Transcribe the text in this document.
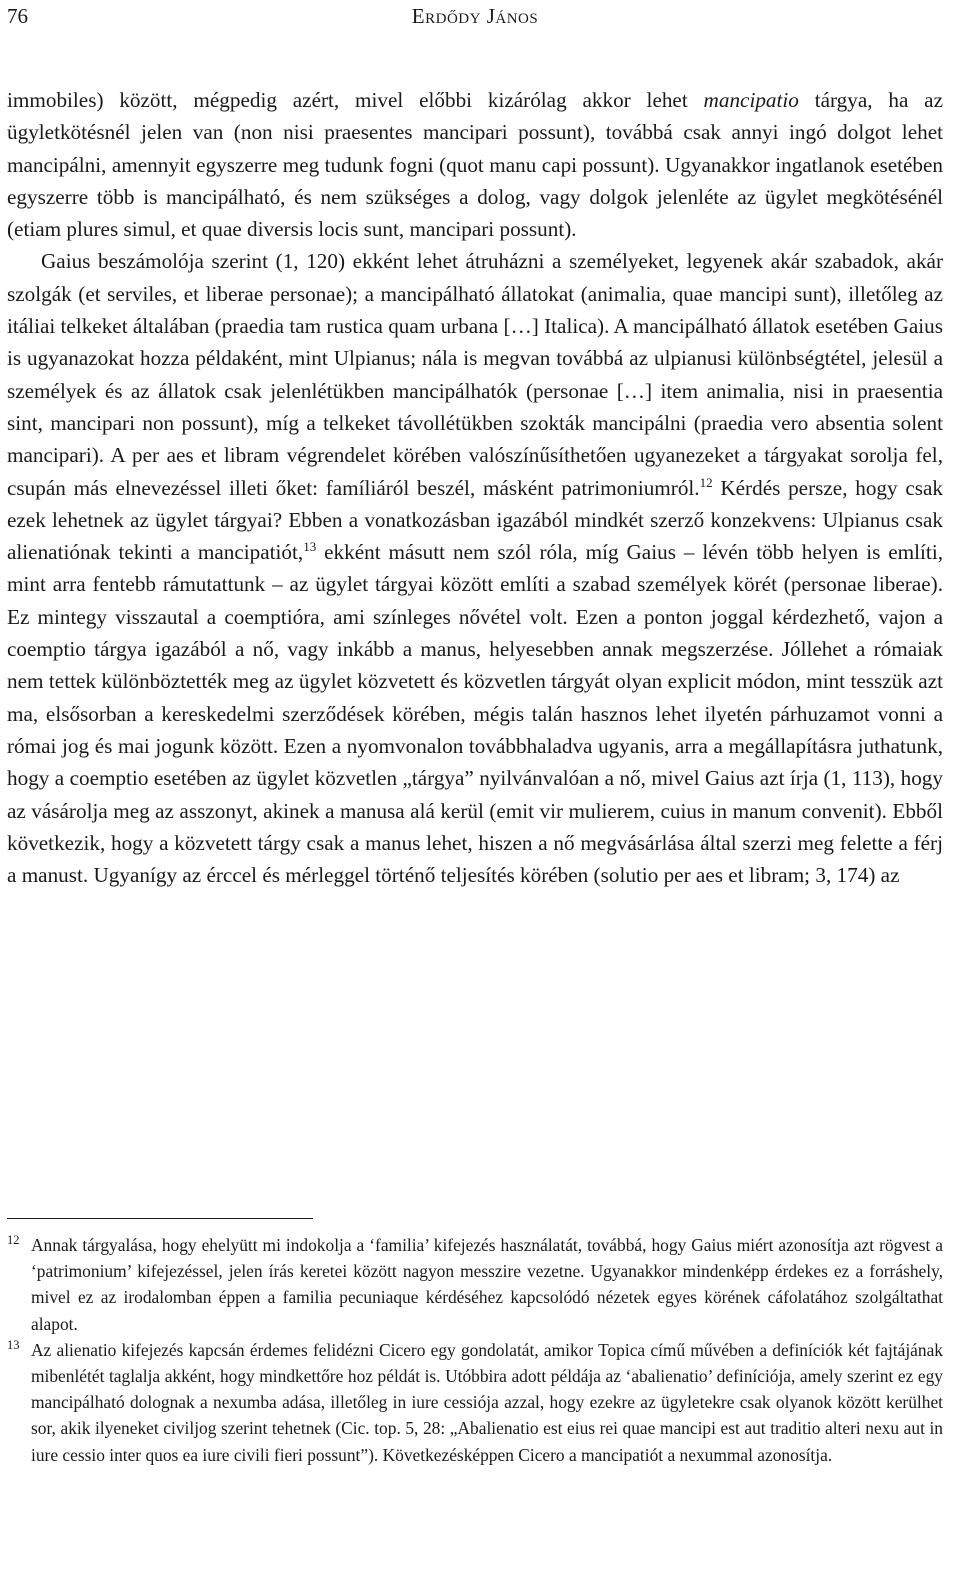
76	Erdődy János

immobiles) között, mégpedig azért, mivel előbbi kizárólag akkor lehet mancipatio tárgya, ha az ügyletkötésnél jelen van (non nisi praesentes mancipari possunt), továbbá csak annyi ingó dolgot lehet mancipálni, amennyit egyszerre meg tudunk fogni (quot manu capi possunt). Ugyanakkor ingatlanok esetében egyszerre több is mancipálható, és nem szükséges a dolog, vagy dolgok jelenléte az ügylet megkötésénél (etiam plures simul, et quae diversis locis sunt, mancipari possunt).

Gaius beszámolója szerint (1, 120) ekként lehet átruházni a személyeket, legyenek akár szabadok, akár szolgák (et serviles, et liberae personae); a mancipálható állatokat (animalia, quae mancipi sunt), illetőleg az itáliai telkeket általában (praedia tam rustica quam urbana […] Italica). A mancipálható állatok esetében Gaius is ugyanazokat hozza példaként, mint Ulpianus; nála is megvan továbbá az ulpianusi különbségtétel, jelesül a személyek és az állatok csak jelenlétükben mancipálhatók (personae […] item animalia, nisi in praesentia sint, mancipari non possunt), míg a telkeket távollétükben szokták mancipálni (praedia vero absentia solent mancipari). A per aes et libram végrendelet körében valószínűsíthetően ugyanezeket a tárgyakat sorolja fel, csupán más elnevezéssel illeti őket: famíliáról beszél, másként patrimoniumról.$^{12}$ Kérdés persze, hogy csak ezek lehetnek az ügylet tárgyai? Ebben a vonatkozásban igazából mindkét szerző konzekvens: Ulpianus csak alienatiónak tekinti a mancipatiót,$^{13}$ ekként másutt nem szól róla, míg Gaius – lévén több helyen is említi, mint arra fentebb rámutattunk – az ügylet tárgyai között említi a szabad személyek körét (personae liberae). Ez mintegy visszautal a coemptióra, ami színleges nővétel volt. Ezen a ponton joggal kérdezhető, vajon a coemptio tárgya igazából a nő, vagy inkább a manus, helyesebben annak megszerzése. Jóllehet a rómaiak nem tettek különböztették meg az ügylet közvetett és közvetlen tárgyát olyan explicit módon, mint tesszük azt ma, elsősorban a kereskedelmi szerződések körében, mégis talán hasznos lehet ilyetén párhuzamot vonni a római jog és mai jogunk között. Ezen a nyomvonalon továbbhaladva ugyanis, arra a megállapításra juthatunk, hogy a coemptio esetében az ügylet közvetlen „tárgya” nyilvánvalóan a nő, mivel Gaius azt írja (1, 113), hogy az vásárolja meg az asszonyt, akinek a manusa alá kerül (emit vir mulierem, cuius in manum convenit). Ebből következik, hogy a közvetett tárgy csak a manus lehet, hiszen a nő megvásárlása által szerzi meg felette a férj a manust. Ugyanígy az érccel és mérleggel történő teljesítés körében (solutio per aes et libram; 3, 174) az

12 Annak tárgyalása, hogy ehelyütt mi indokolja a ‘familia’ kifejezés használatát, továbbá, hogy Gaius miért azonosítja azt rögvest a ‘patrimonium’ kifejezéssel, jelen írás keretei között nagyon messzire vezetne. Ugyanakkor mindenképp érdekes ez a forráshely, mivel ez az irodalomban éppen a familia pecuniaque kérdéséhez kapcsolódó nézetek egyes körének cáfolatához szolgáltathat alapot.
13 Az alienatio kifejezés kapcsán érdemes felidézni Cicero egy gondolatát, amikor Topica című művében a definíciók két fajtájának mibenlétét taglalja akként, hogy mindkettőre hoz példát is. Utóbbira adott példája az ‘abalienatio’ definíciója, amely szerint ez egy mancipálható dolognak a nexumba adása, illetőleg in iure cessiója azzal, hogy ezekre az ügyletekre csak olyanok között kerülhet sor, akik ilyeneket civiljog szerint tehetnek (Cic. top. 5, 28: „Abalienatio est eius rei quae mancipi est aut traditio alteri nexu aut in iure cessio inter quos ea iure civili fieri possunt”). Következésképpen Cicero a mancipatiót a nexummal azonosítja.
